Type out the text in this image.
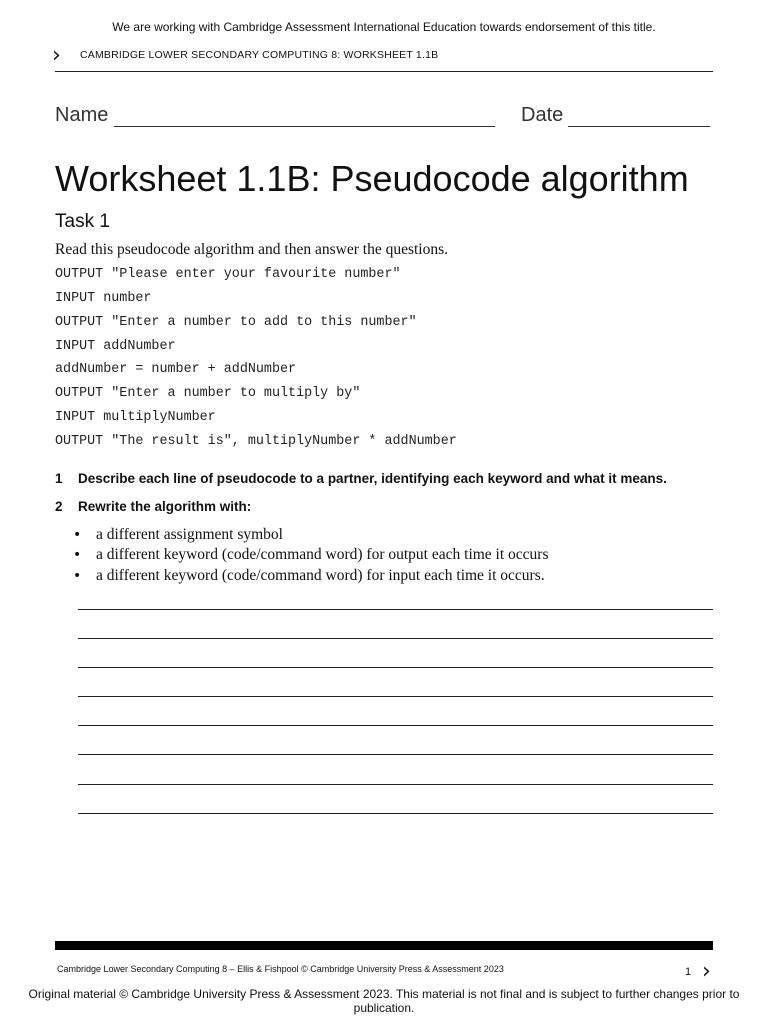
We are working with Cambridge Assessment International Education towards endorsement of this title.
› CAMBRIDGE LOWER SECONDARY COMPUTING 8: WORKSHEET 1.1B
Name	Date
Worksheet 1.1B: Pseudocode algorithm
Task 1
Read this pseudocode algorithm and then answer the questions.
OUTPUT "Please enter your favourite number"
INPUT number
OUTPUT "Enter a number to add to this number"
INPUT addNumber
addNumber = number + addNumber
OUTPUT "Enter a number to multiply by"
INPUT multiplyNumber
OUTPUT "The result is", multiplyNumber * addNumber
1 Describe each line of pseudocode to a partner, identifying each keyword and what it means.
2 Rewrite the algorithm with:
• a different assignment symbol
• a different keyword (code/command word) for output each time it occurs
• a different keyword (code/command word) for input each time it occurs.
Cambridge Lower Secondary Computing 8 – Ellis & Fishpool © Cambridge University Press & Assessment 2023	1 ›
Original material © Cambridge University Press & Assessment 2023. This material is not final and is subject to further changes prior to publication.
